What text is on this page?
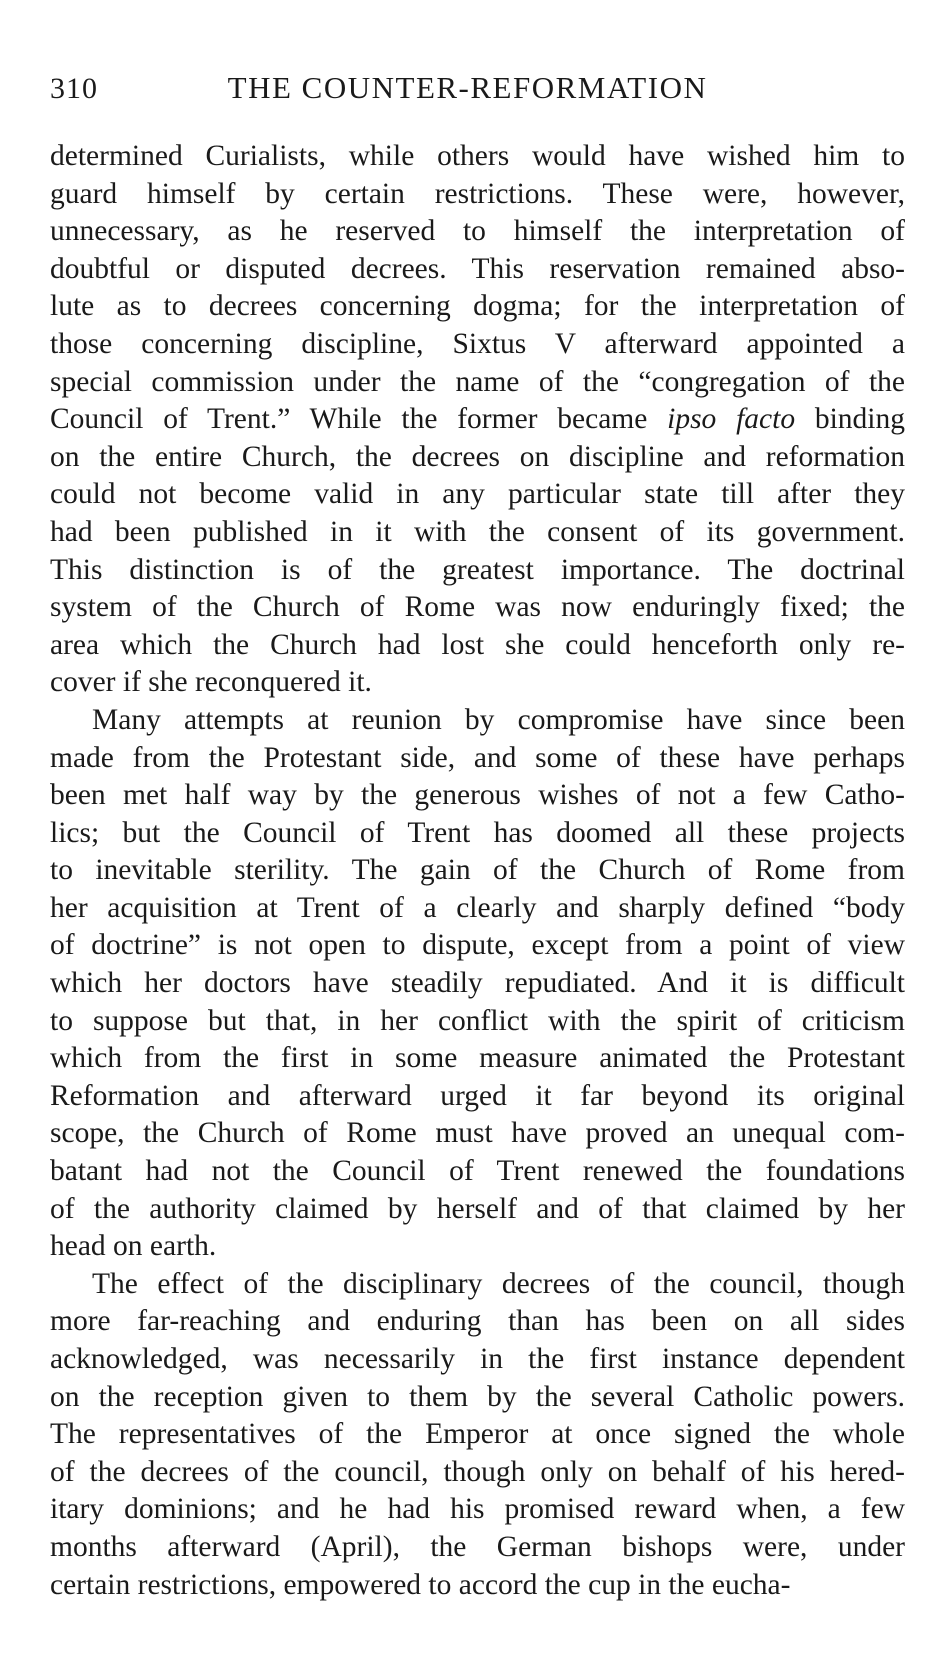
310	THE COUNTER-REFORMATION
determined Curialists, while others would have wished him to
guard himself by certain restrictions. These were, however,
unnecessary, as he reserved to himself the interpretation of
doubtful or disputed decrees. This reservation remained abso-
lute as to decrees concerning dogma; for the interpretation of
those concerning discipline, Sixtus V afterward appointed a
special commission under the name of the “congregation of the
Council of Trent.” While the former became ipso facto binding
on the entire Church, the decrees on discipline and reformation
could not become valid in any particular state till after they
had been published in it with the consent of its government.
This distinction is of the greatest importance. The doctrinal
system of the Church of Rome was now enduringly fixed; the
area which the Church had lost she could henceforth only re-
cover if she reconquered it.
Many attempts at reunion by compromise have since been
made from the Protestant side, and some of these have perhaps
been met half way by the generous wishes of not a few Catho-
lics; but the Council of Trent has doomed all these projects
to inevitable sterility. The gain of the Church of Rome from
her acquisition at Trent of a clearly and sharply defined “body
of doctrine” is not open to dispute, except from a point of view
which her doctors have steadily repudiated. And it is difficult
to suppose but that, in her conflict with the spirit of criticism
which from the first in some measure animated the Protestant
Reformation and afterward urged it far beyond its original
scope, the Church of Rome must have proved an unequal com-
batant had not the Council of Trent renewed the foundations
of the authority claimed by herself and of that claimed by her
head on earth.
The effect of the disciplinary decrees of the council, though
more far-reaching and enduring than has been on all sides
acknowledged, was necessarily in the first instance dependent
on the reception given to them by the several Catholic powers.
The representatives of the Emperor at once signed the whole
of the decrees of the council, though only on behalf of his hered-
itary dominions; and he had his promised reward when, a few
months afterward (April), the German bishops were, under
certain restrictions, empowered to accord the cup in the eucha-
